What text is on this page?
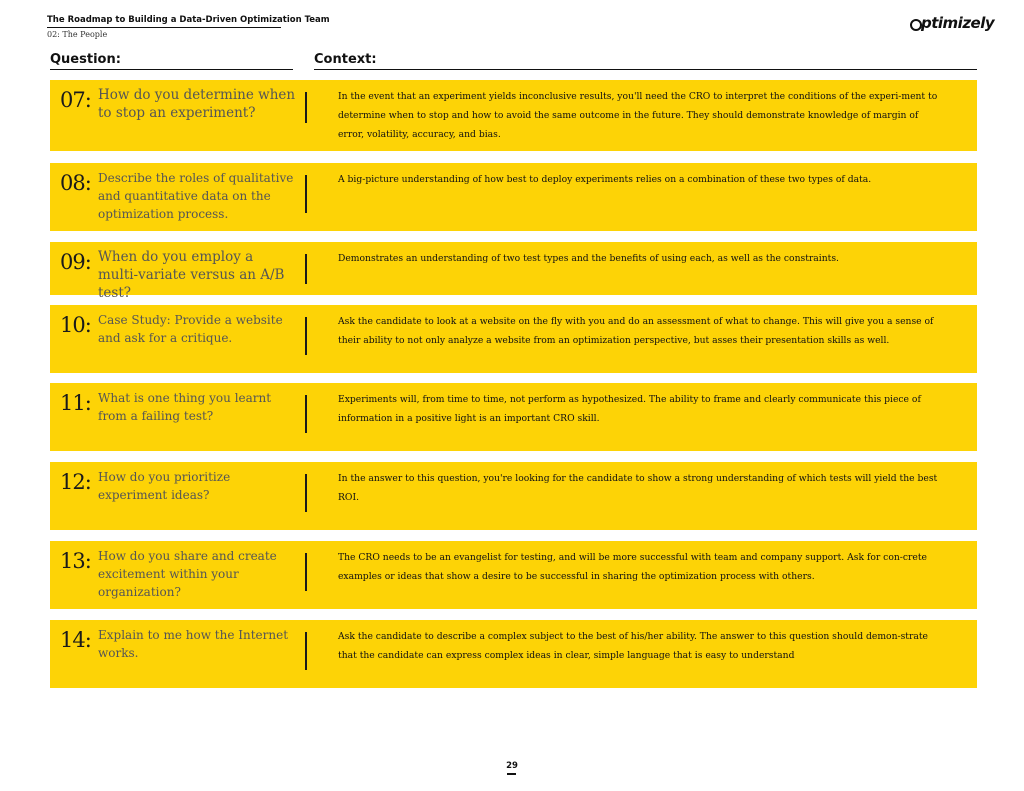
The Roadmap to Building a Data-Driven Optimization Team
02: The People
ptimizely
Question:	Context:
07: How do you determine when to stop an experiment?
In the event that an experiment yields inconclusive results, you'll need the CRO to interpret the conditions of the experi-ment to determine when to stop and how to avoid the same outcome in the future. They should demonstrate knowledge of margin of error, volatility, accuracy, and bias.
08: Describe the roles of qualitative and quantitative data on the optimization process.
A big-picture understanding of how best to deploy experiments relies on a combination of these two types of data.
09: When do you employ a multi-variate versus an A/B test?
Demonstrates an understanding of two test types and the benefits of using each, as well as the constraints.
10: Case Study: Provide a website and ask for a critique.
Ask the candidate to look at a website on the fly with you and do an assessment of what to change. This will give you a sense of their ability to not only analyze a website from an optimization perspective, but asses their presentation skills as well.
11: What is one thing you learnt from a failing test?
Experiments will, from time to time, not perform as hypothesized. The ability to frame and clearly communicate this piece of information in a positive light is an important CRO skill.
12: How do you prioritize experiment ideas?
In the answer to this question, you're looking for the candidate to show a strong understanding of which tests will yield the best ROI.
13: How do you share and create excitement within your organization?
The CRO needs to be an evangelist for testing, and will be more successful with team and company support. Ask for con-crete examples or ideas that show a desire to be successful in sharing the optimization process with others.
14: Explain to me how the Internet works.
Ask the candidate to describe a complex subject to the best of his/her ability. The answer to this question should demon-strate that the candidate can express complex ideas in clear, simple language that is easy to understand
29
